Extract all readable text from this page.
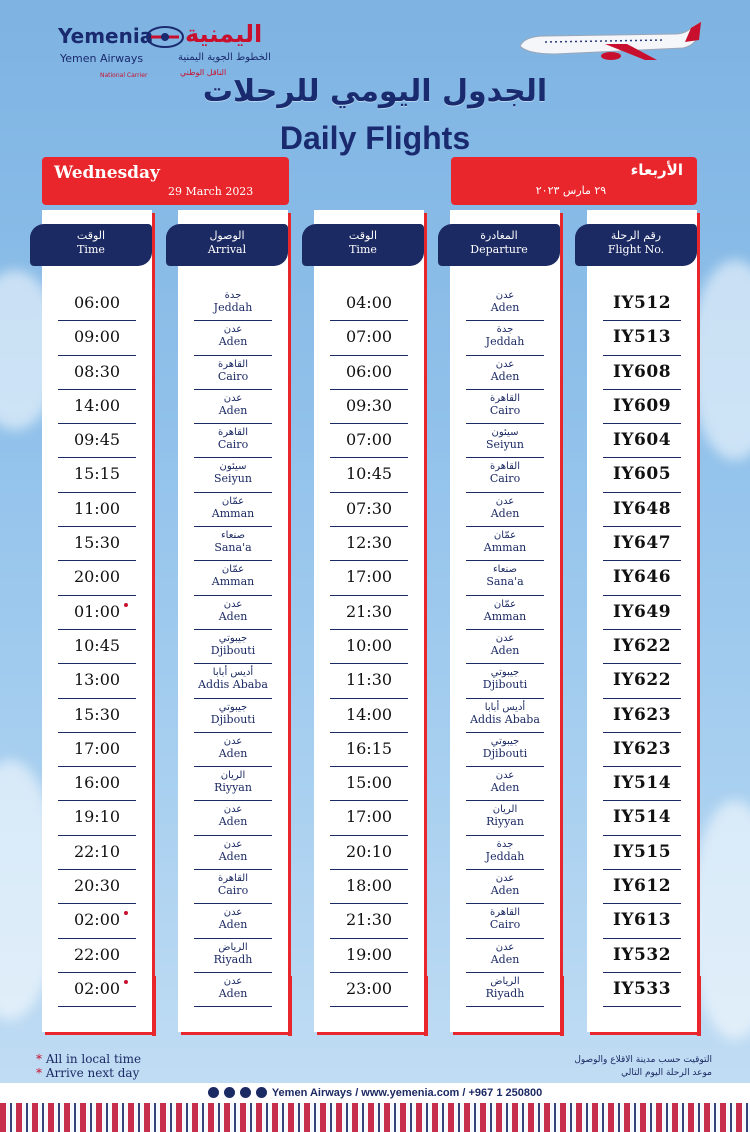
Yemenia اليمنية
Yemen Airways	الخطوط الجوية اليمنية
National Carrier	الناقل الوطني
الجدول اليومي للرحلات
Daily Flights
Wednesday
29 March 2023
الأربعاء
٢٩ مارس ٢٠٢٣
الوقت
Time
06:00
09:00
08:30
14:00
09:45
15:15
11:00
15:30
20:00
01:00
10:45
13:00
15:30
17:00
16:00
19:10
22:10
20:30
02:00
22:00
02:00
الوصول
Arrival
جدة
Jeddah
عدن
Aden
القاهرة
Cairo
عدن
Aden
القاهرة
Cairo
سيئون
Seiyun
عمّان
Amman
صنعاء
Sana'a
عمّان
Amman
عدن
Aden
جيبوتي
Djibouti
أديس أبابا
Addis Ababa
جيبوتي
Djibouti
عدن
Aden
الريان
Riyyan
عدن
Aden
عدن
Aden
القاهرة
Cairo
عدن
Aden
الرياض
Riyadh
عدن
Aden
الوقت
Time
04:00
07:00
06:00
09:30
07:00
10:45
07:30
12:30
17:00
21:30
10:00
11:30
14:00
16:15
15:00
17:00
20:10
18:00
21:30
19:00
23:00
المغادرة
Departure
عدن
Aden
جدة
Jeddah
عدن
Aden
القاهرة
Cairo
سيئون
Seiyun
القاهرة
Cairo
عدن
Aden
عمّان
Amman
صنعاء
Sana'a
عمّان
Amman
عدن
Aden
جيبوتي
Djibouti
أديس أبابا
Addis Ababa
جيبوتي
Djibouti
عدن
Aden
الريان
Riyyan
جدة
Jeddah
عدن
Aden
القاهرة
Cairo
عدن
Aden
الرياض
Riyadh
رقم الرحلة
Flight No.
IY512
IY513
IY608
IY609
IY604
IY605
IY648
IY647
IY646
IY649
IY622
IY622
IY623
IY623
IY514
IY514
IY515
IY612
IY613
IY532
IY533
* All in local time
* Arrive next day
التوقيت حسب مدينة الاقلاع والوصول
موعد الرحلة اليوم التالي
Yemen Airways / www.yemenia.com / +967 1 250800
